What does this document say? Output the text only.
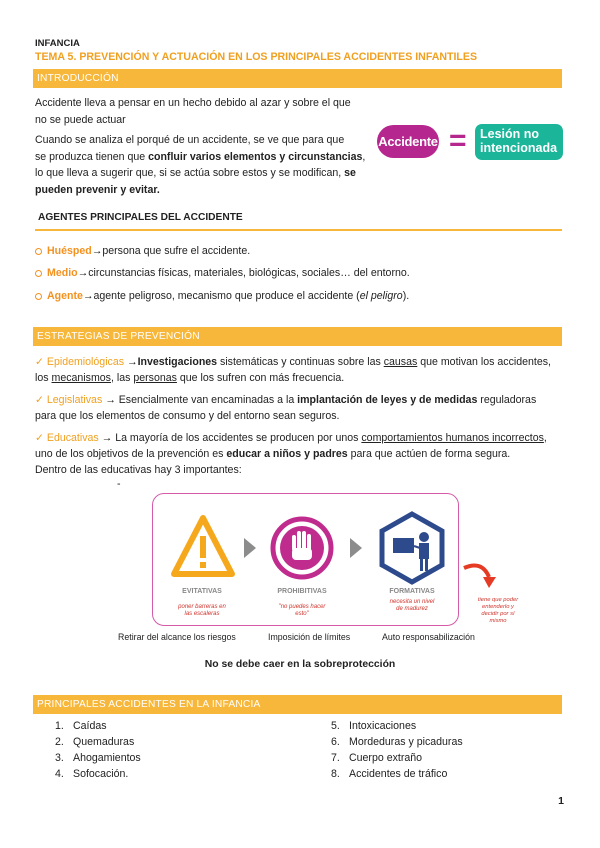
INFANCIA
TEMA 5. PREVENCIÓN Y ACTUACIÓN EN LOS PRINCIPALES ACCIDENTES INFANTILES
INTRODUCCIÓN

Accidente lleva a pensar en un hecho debido al azar y sobre el que

no se puede actuar

Cuando se analiza el porqué de un accidente, se ve que para que

se produzca tienen que confluir varios elementos y circunstancias,

lo que lleva a sugerir que, si se actúa sobre estos y se modifican, se

pueden prevenir y evitar.

Accidente = Lesión no
intencionada
AGENTES PRINCIPALES DEL ACCIDENTE
Huésped → persona que sufre el accidente.
Medio → circunstancias físicas, materiales, biológicas, sociales… del entorno.
Agente → agente peligroso, mecanismo que produce el accidente ( el peligro ).
ESTRATEGIAS DE PREVENCIÓN
✓ Epidemiológicas →Investigaciones sistemáticas y continuas sobre las causas que motivan los accidentes,
los mecanismos, las personas que los sufren con más frecuencia.
✓ Legislativas → Esencialmente van encaminadas a la implantación de leyes y de medidas reguladoras
para que los elementos de consumo y del entorno sean seguros.
✓ Educativas → La mayoría de los accidentes se producen por unos comportamientos humanos incorrectos,
uno de los objetivos de la prevención es educar a niños y padres para que actúen de forma segura.
Dentro de las educativas hay 3 importantes:
-
EVITATIVAS
poner barreras en
las escaleras
PROHIBITIVAS
"no puedes hacer
esto"
FORMATIVAS
necesita un nivel
de madurez
tiene que poder
entenderlo y
decidir por sí
mismo
Retirar del alcance los riesgos	Imposición de límites	Auto responsabilización
No se debe caer en la sobreprotección
PRINCIPALES ACCIDENTES EN LA INFANCIA
1. Caídas
2. Quemaduras
3. Ahogamientos
4. Sofocación.
5. Intoxicaciones
6. Mordeduras y picaduras
7. Cuerpo extraño
8. Accidentes de tráfico
1
